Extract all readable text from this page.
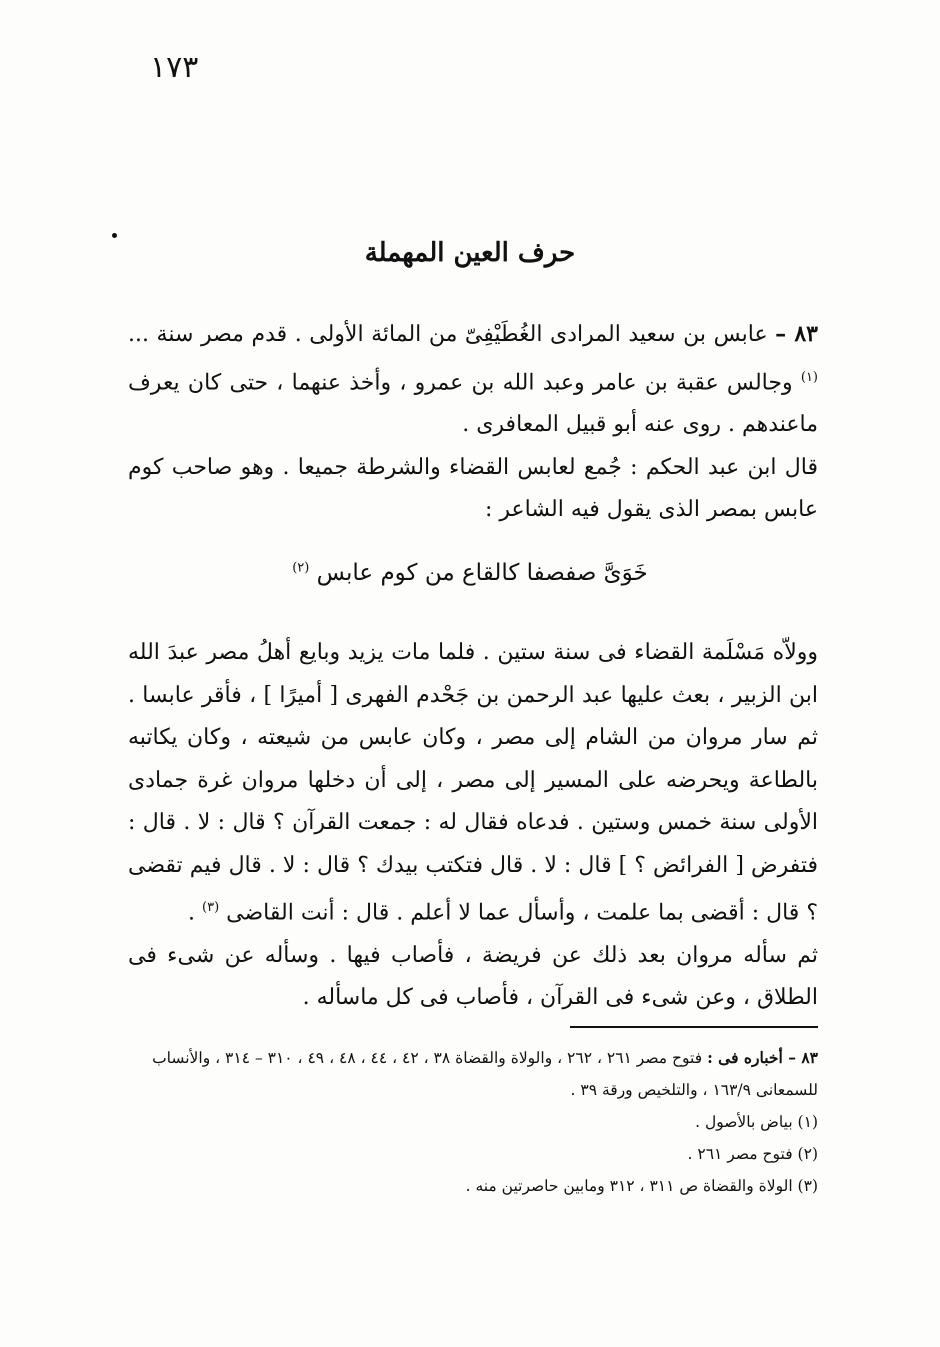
١٧٣
حرف العين المهملة

٨٣ – عابس بن سعيد المرادى الغُطَيْفِىّ من المائة الأولى . قدم مصر سنة ...$^{(١)}$ وجالس عقبة بن عامر وعبد الله بن عمرو ، وأخذ عنهما ، حتى كان يعرف ماعندهم . روى عنه أبو قبيل المعافرى .

قال ابن عبد الحكم : جُمع لعابس القضاء والشرطة جميعا . وهو صاحب كوم عابس بمصر الذى يقول فيه الشاعر :

خَوَىَّ صفصفا كالقاع من كوم عابس $^{(٢)}$

وولاّه مَسْلَمة القضاء فى سنة ستين . فلما مات يزيد وبايع أهلُ مصر عبدَ الله ابن الزبير ، بعث عليها عبد الرحمن بن جَحْدم الفهرى [ أميرًا ] ، فأقر عابسا . ثم سار مروان من الشام إلى مصر ، وكان عابس من شيعته ، وكان يكاتبه بالطاعة ويحرضه على المسير إلى مصر ، إلى أن دخلها مروان غرة جمادى الأولى سنة خمس وستين . فدعاه فقال له : جمعت القرآن ؟ قال : لا . قال : فتفرض [ الفرائض ؟ ] قال : لا . قال فتكتب بيدك ؟ قال : لا . قال فيم تقضى ؟ قال : أقضى بما علمت ، وأسأل عما لا أعلم . قال : أنت القاضى $^{(٣)}$ .

ثم سأله مروان بعد ذلك عن فريضة ، فأصاب فيها . وسأله عن شىء فى الطلاق ، وعن شىء فى القرآن ، فأصاب فى كل ماسأله .

٨٣ – أخباره فى : فتوح مصر ٢٦١ ، ٢٦٢ ، والولاة والقضاة ٣٨ ، ٤٢ ، ٤٤ ، ٤٨ ، ٤٩ ، ٣١٠ – ٣١٤ ، والأنساب للسمعانى ١٦٣/٩ ، والتلخيص ورقة ٣٩ .

(١) بياض بالأصول .

(٢) فتوح مصر ٢٦١ .

(٣) الولاة والقضاة ص ٣١١ ، ٣١٢ ومابين حاصرتين منه .
